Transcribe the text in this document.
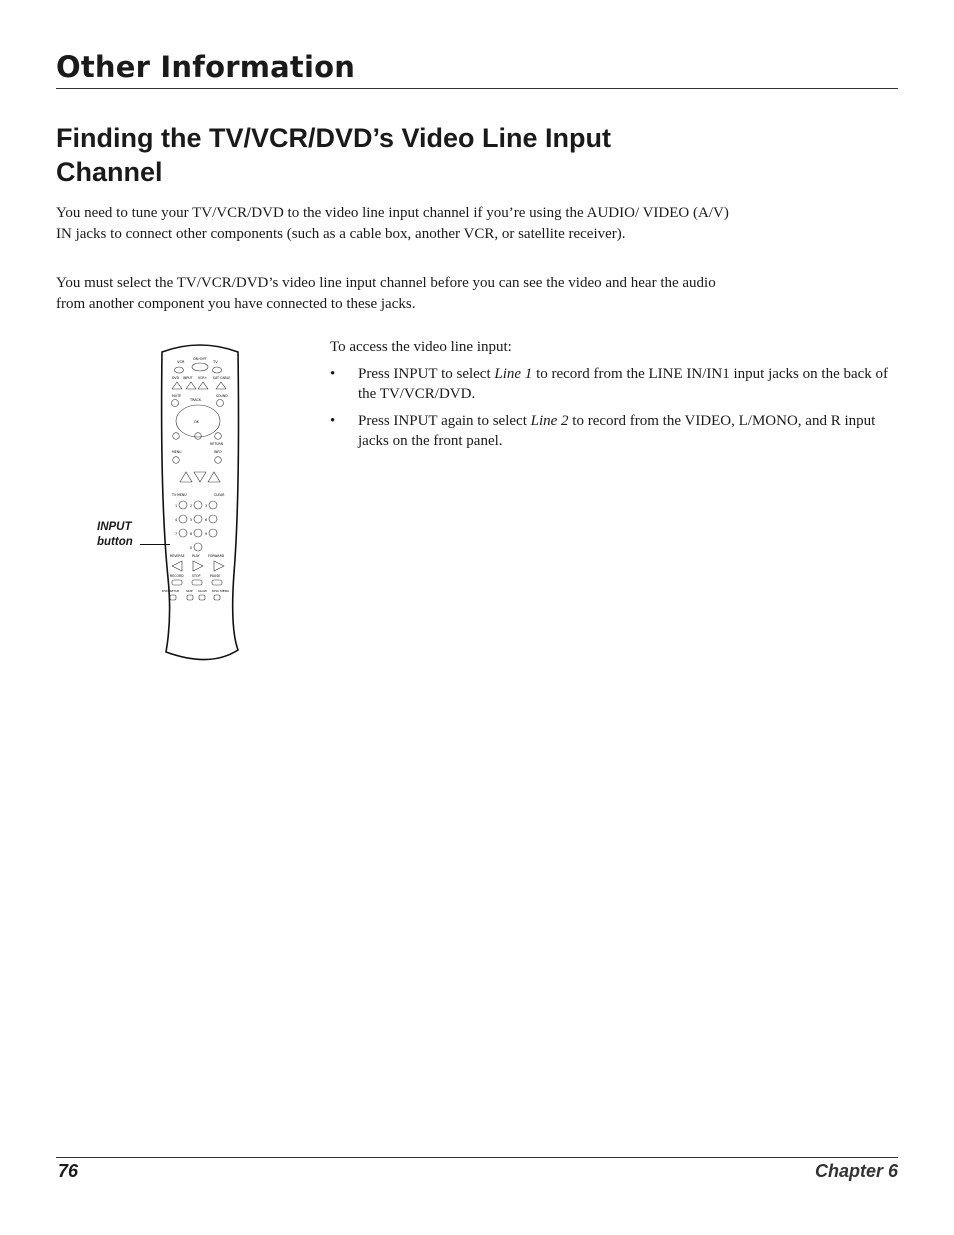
Other Information
Finding the TV/VCR/DVD’s Video Line Input Channel

You need to tune your TV/VCR/DVD to the video line input channel if you’re using the AUDIO/ VIDEO (A/V) IN jacks to connect other components (such as a cable box, another VCR, or satellite receiver).

You must select the TV/VCR/DVD’s video line input channel before you can see the video and hear the audio from another component you have connected to these jacks.

To access the video line input:

• Press INPUT to select Line 1 to record from the LINE IN/IN1 input jacks on the back of the TV/VCR/DVD.
• Press INPUT again to select Line 2 to record from the VIDEO, L/MONO, and R input jacks on the front panel.
VCR
ON·OFF
TV
DVD INPUT VCR+ SAT·CABLE
MUTE	SOUND
TRACK
OK
RETURN
MENU	INFO
TV·MENU	CLEAR
1	2	3
4	5	6
7	8	9
0
REVERSE PLAY	FORWARD
RECORD	STOP	PAUSE
DVD SETUP SKIP SLOW DISC MENU

INPUT
button

76	Chapter 6
